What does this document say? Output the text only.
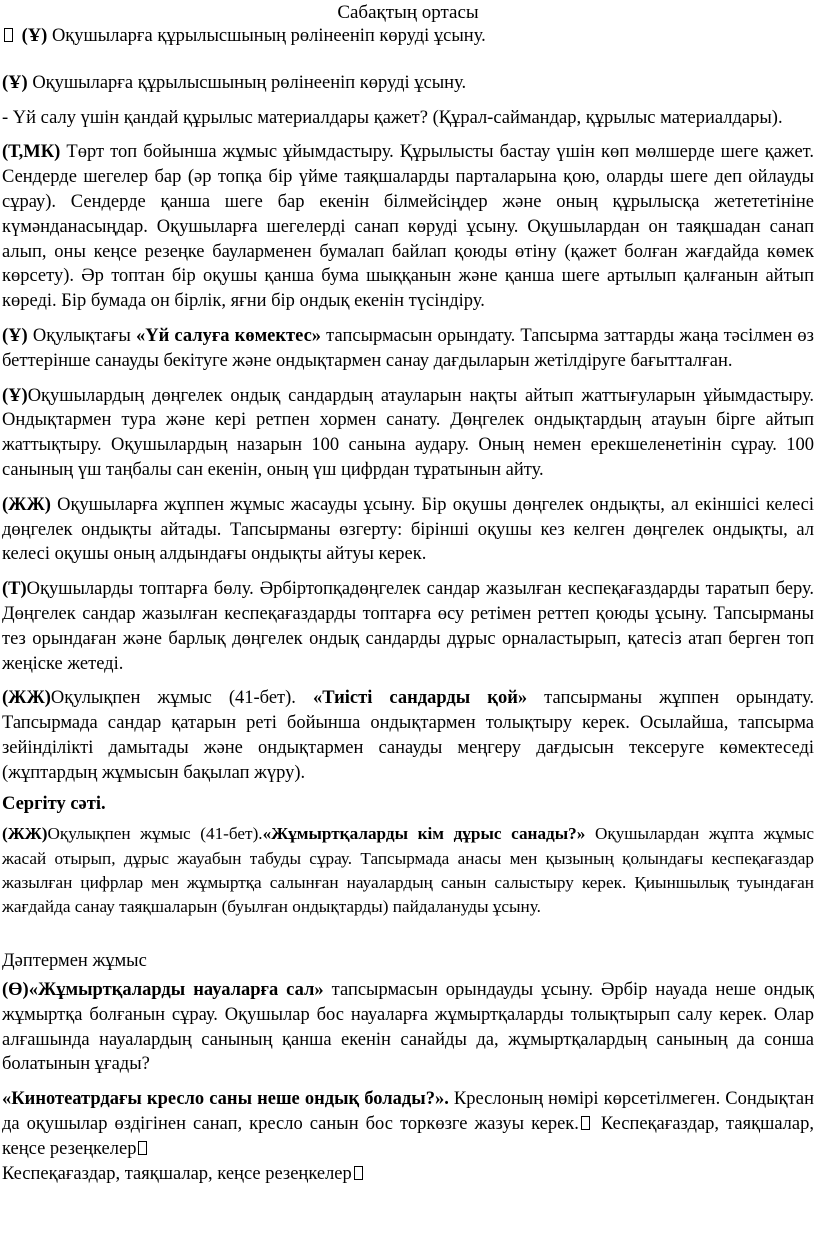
Сабақтың ортасы

(Ұ) Оқушыларға құрылысшының рөлінееніп көруді ұсыну.

(Ұ) Оқушыларға құрылысшының рөлінееніп көруді ұсыну.

- Үй салу үшін қандай құрылыс материалдары қажет? (Құрал-саймандар, құрылыс материалдары).

(Т,МК) Төрт топ бойынша жұмыс ұйымдастыру. Құрылысты бастау үшін көп мөлшерде шеге қажет. Сендерде шегелер бар (әр топқа бір үйме таяқшаларды парталарына қою, оларды шеге деп ойлауды сұрау). Сендерде қанша шеге бар екенін білмейсіңдер және оның құрылысқа жетететініне күмәнданасыңдар. Оқушыларға шегелерді санап көруді ұсыну. Оқушылардан он таяқшадан санап алып, оны кеңсе резеңке бауларменен бумалап байлап қоюды өтіну (қажет болған жағдайда көмек көрсету). Әр топтан бір оқушы қанша бума шыққанын және қанша шеге артылып қалғанын айтып көреді. Бір бумада он бірлік, яғни бір ондық екенін түсіндіру.

(Ұ) Оқулықтағы «Үй салуға көмектес» тапсырмасын орындату. Тапсырма заттарды жаңа тәсілмен өз беттерінше санауды бекітуге және ондықтармен санау дағдыларын жетілдіруге бағытталған.

(Ұ)Оқушылардың дөңгелек ондық сандардың атауларын нақты айтып жаттығуларын ұйымдастыру. Ондықтармен тура және кері ретпен хормен санату. Дөңгелек ондықтардың атауын бірге айтып жаттықтыру. Оқушылардың назарын 100 санына аудару. Оның немен ерекшеленетінін сұрау. 100 санының үш таңбалы сан екенін, оның үш цифрдан тұратынын айту.

(ЖЖ) Оқушыларға жұппен жұмыс жасауды ұсыну. Бір оқушы дөңгелек ондықты, ал екіншісі келесі дөңгелек ондықты айтады. Тапсырманы өзгерту: бірінші оқушы кез келген дөңгелек ондықты, ал келесі оқушы оның алдындағы ондықты айтуы керек.

(Т)Оқушыларды топтарға бөлу. Әрбіртопқадөңгелек сандар жазылған кеспеқағаздарды таратып беру. Дөңгелек сандар жазылған кеспеқағаздарды топтарға өсу ретімен реттеп қоюды ұсыну. Тапсырманы тез орындаған және барлық дөңгелек ондық сандарды дұрыс орналастырып, қатесіз атап берген топ жеңіске жетеді.

(ЖЖ)Оқулықпен жұмыс (41-бет). «Тиісті сандарды қой» тапсырманы жұппен орындату. Тапсырмада сандар қатарын реті бойынша ондықтармен толықтыру керек. Осылайша, тапсырма зейінділікті дамытады және ондықтармен санауды меңгеру дағдысын тексеруге көмектеседі (жұптардың жұмысын бақылап жүру).

Сергіту сәті.

(ЖЖ)Оқулықпен жұмыс (41-бет).«Жұмыртқаларды кім дұрыс санады?» Оқушылардан жұпта жұмыс жасай отырып, дұрыс жауабын табуды сұрау. Тапсырмада анасы мен қызының қолындағы кеспеқағаздар жазылған цифрлар мен жұмыртқа салынған науалардың санын салыстыру керек. Қиыншылық туындаған жағдайда санау таяқшаларын (буылған ондықтарды) пайдалануды ұсыну.

Дәптермен жұмыс

(Ө)«Жұмыртқаларды науаларға сал» тапсырмасын орындауды ұсыну. Әрбір науада неше ондық жұмыртқа болғанын сұрау. Оқушылар бос науаларға жұмыртқаларды толықтырып салу керек. Олар алғашында науалардың санының қанша екенін санайды да, жұмыртқалардың санының да сонша болатынын ұғады?

«Кинотеатрдағы кресло саны неше ондық болады?». Креслоның нөмірі көрсетілмеген. Сондықтан да оқушылар өздігінен санап, кресло санын бос торкөзге жазуы керек. Кеспеқағаздар, таяқшалар, кеңсе резеңкелер

Кеспеқағаздар, таяқшалар, кеңсе резеңкелер
